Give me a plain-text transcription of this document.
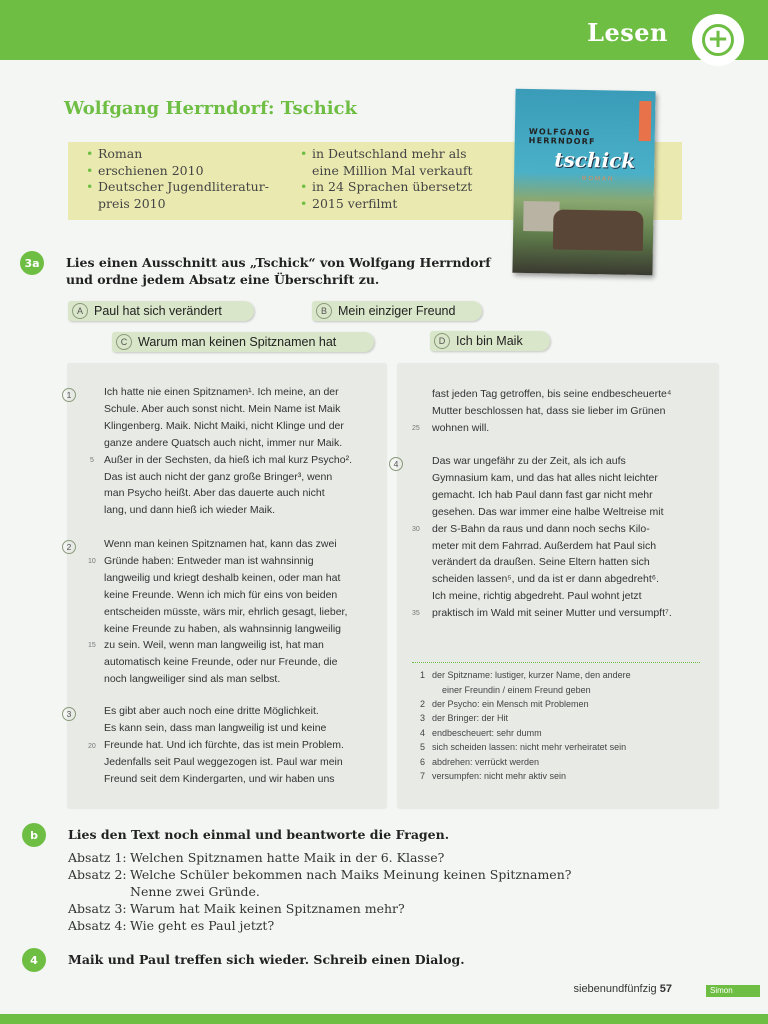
Lesen +
Wolfgang Herrndorf: Tschick
• Roman
• erschienen 2010
• Deutscher Jugendliteratur-
preis 2010
• in Deutschland mehr als
eine Million Mal verkauft
• in 24 Sprachen übersetzt
• 2015 verfilmt
WOLFGANG HERRNDORF
tschick
ROMAN
3a	Lies einen Ausschnitt aus „Tschick“ von Wolfgang Herrndorf
und ordne jedem Absatz eine Überschrift zu.
A Paul hat sich verändert	B Mein einziger Freund
C Warum man keinen Spitznamen hat	D Ich bin Maik
1	Ich hatte nie einen Spitznamen¹. Ich meine, an der
Schule. Aber auch sonst nicht. Mein Name ist Maik
Klingenberg. Maik. Nicht Maiki, nicht Klinge und der
ganze andere Quatsch auch nicht, immer nur Maik.
Außer in der Sechsten, da hieß ich mal kurz Psycho².
Das ist auch nicht der ganz große Bringer³, wenn
man Psycho heißt. Aber das dauerte auch nicht
lang, und dann hieß ich wieder Maik.
2	Wenn man keinen Spitznamen hat, kann das zwei
Gründe haben: Entweder man ist wahnsinnig
langweilig und kriegt deshalb keinen, oder man hat
keine Freunde. Wenn ich mich für eins von beiden
entscheiden müsste, wärs mir, ehrlich gesagt, lieber,
keine Freunde zu haben, als wahnsinnig langweilig
zu sein. Weil, wenn man langweilig ist, hat man
automatisch keine Freunde, oder nur Freunde, die
noch langweiliger sind als man selbst.
3	Es gibt aber auch noch eine dritte Möglichkeit.
Es kann sein, dass man langweilig ist und keine
Freunde hat. Und ich fürchte, das ist mein Problem.
Jedenfalls seit Paul weggezogen ist. Paul war mein
Freund seit dem Kindergarten, und wir haben uns
fast jeden Tag getroffen, bis seine endbescheuerte⁴
Mutter beschlossen hat, dass sie lieber im Grünen
wohnen will.
4	Das war ungefähr zu der Zeit, als ich aufs
Gymnasium kam, und das hat alles nicht leichter
gemacht. Ich hab Paul dann fast gar nicht mehr
gesehen. Das war immer eine halbe Weltreise mit
der S-Bahn da raus und dann noch sechs Kilo-
meter mit dem Fahrrad. Außerdem hat Paul sich
verändert da draußen. Seine Eltern hatten sich
scheiden lassen⁵, und da ist er dann abgedreht⁶.
Ich meine, richtig abgedreht. Paul wohnt jetzt
praktisch im Wald mit seiner Mutter und versumpft⁷.
5
10
15
20
25
30
35
1 der Spitzname: lustiger, kurzer Name, den andere
einer Freundin / einem Freund geben
2 der Psycho: ein Mensch mit Problemen
3 der Bringer: der Hit
4 endbescheuert: sehr dumm
5 sich scheiden lassen: nicht mehr verheiratet sein
6 abdrehen: verrückt werden
7 versumpfen: nicht mehr aktiv sein
b	Lies den Text noch einmal und beantworte die Fragen.
Absatz 1: Welchen Spitznamen hatte Maik in der 6. Klasse?
Absatz 2: Welche Schüler bekommen nach Maiks Meinung keinen Spitznamen?
Nenne zwei Gründe.
Absatz 3: Warum hat Maik keinen Spitznamen mehr?
Absatz 4: Wie geht es Paul jetzt?
4	Maik und Paul treffen sich wieder. Schreib einen Dialog.
siebenundfünfzig 57	Simon
